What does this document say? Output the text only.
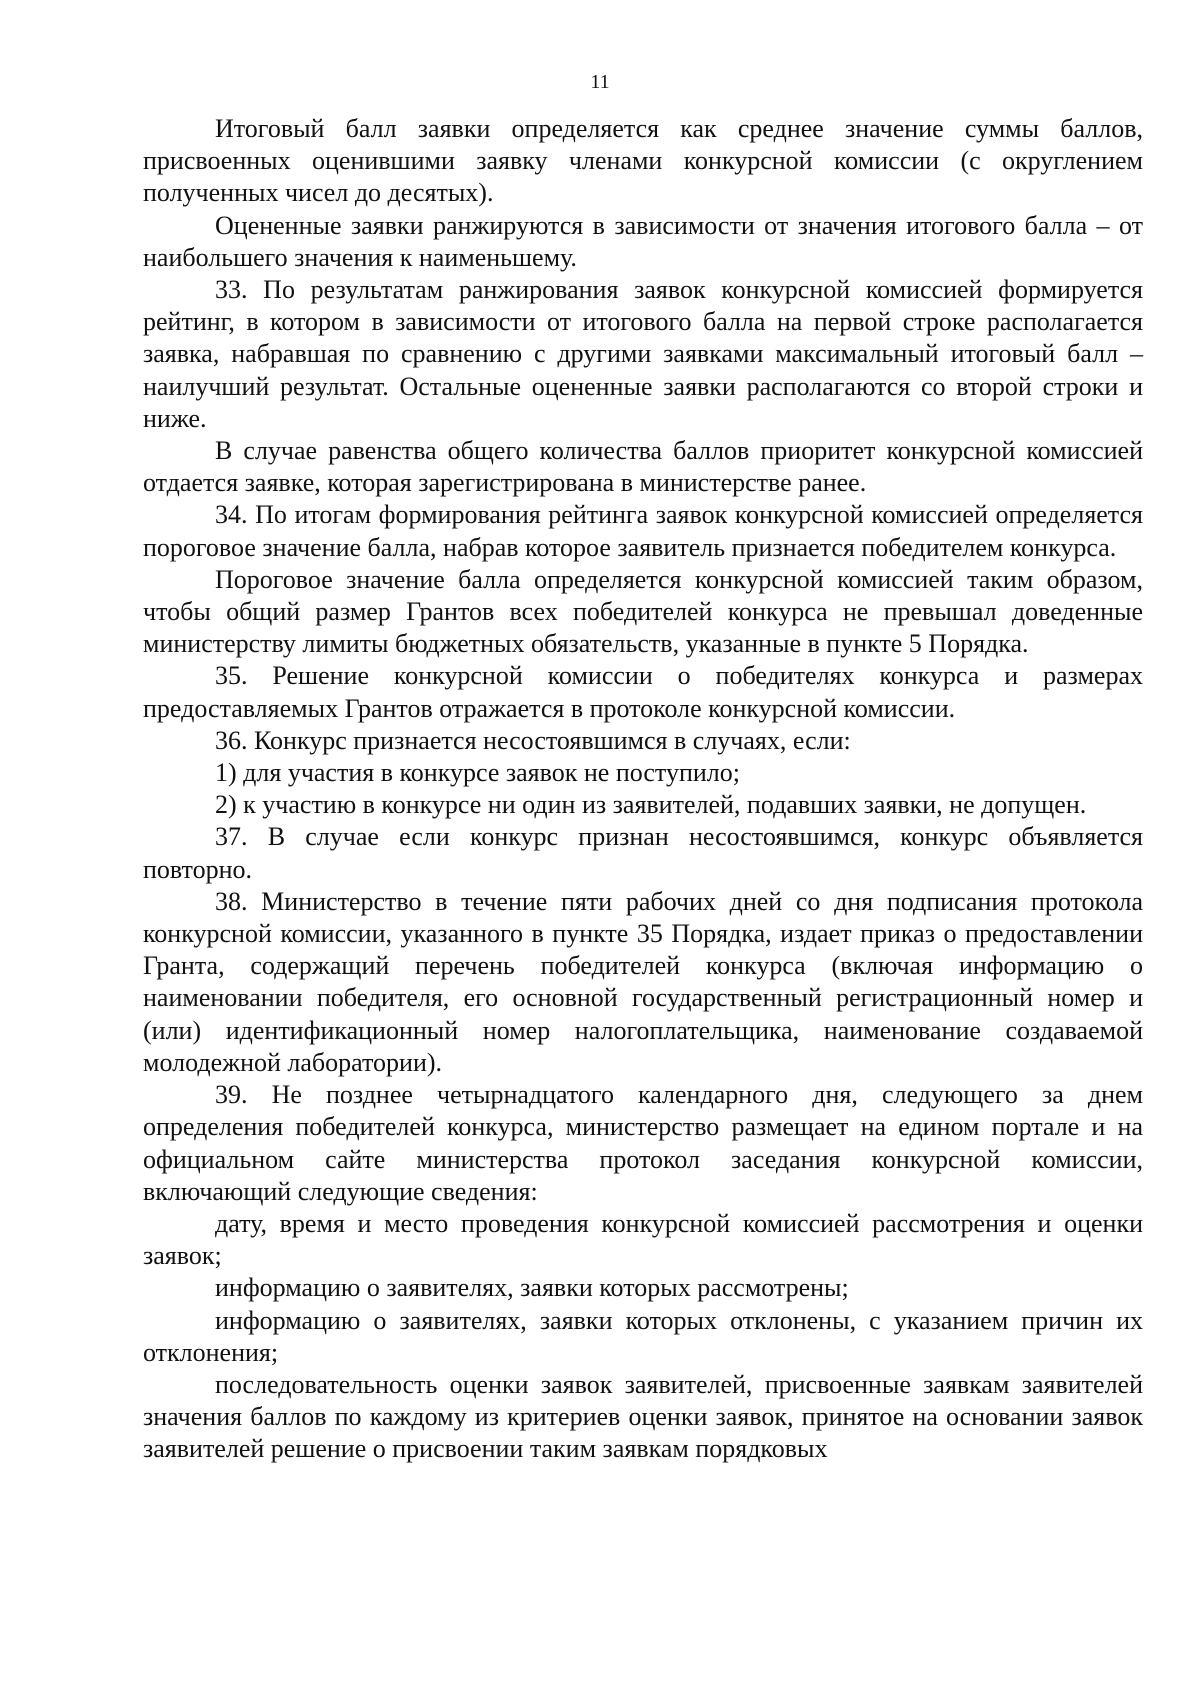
11

Итоговый балл заявки определяется как среднее значение суммы баллов, присвоенных оценившими заявку членами конкурсной комиссии (с округлением полученных чисел до десятых).

Оцененные заявки ранжируются в зависимости от значения итогового балла – от наибольшего значения к наименьшему.

33. По результатам ранжирования заявок конкурсной комиссией формируется рейтинг, в котором в зависимости от итогового балла на первой строке располагается заявка, набравшая по сравнению с другими заявками максимальный итоговый балл – наилучший результат. Остальные оцененные заявки располагаются со второй строки и ниже.

В случае равенства общего количества баллов приоритет конкурсной комиссией отдается заявке, которая зарегистрирована в министерстве ранее.

34. По итогам формирования рейтинга заявок конкурсной комиссией определяется пороговое значение балла, набрав которое заявитель признается победителем конкурса.

Пороговое значение балла определяется конкурсной комиссией таким образом, чтобы общий размер Грантов всех победителей конкурса не превышал доведенные министерству лимиты бюджетных обязательств, указанные в пункте 5 Порядка.

35. Решение конкурсной комиссии о победителях конкурса и размерах предоставляемых Грантов отражается в протоколе конкурсной комиссии.

36. Конкурс признается несостоявшимся в случаях, если:

1) для участия в конкурсе заявок не поступило;

2) к участию в конкурсе ни один из заявителей, подавших заявки, не допущен.

37. В случае если конкурс признан несостоявшимся, конкурс объявляется повторно.

38. Министерство в течение пяти рабочих дней со дня подписания протокола конкурсной комиссии, указанного в пункте 35 Порядка, издает приказ о предоставлении Гранта, содержащий перечень победителей конкурса (включая информацию о наименовании победителя, его основной государственный регистрационный номер и (или) идентификационный номер налогоплательщика, наименование создаваемой молодежной лаборатории).

39. Не позднее четырнадцатого календарного дня, следующего за днем определения победителей конкурса, министерство размещает на едином портале и на официальном сайте министерства протокол заседания конкурсной комиссии, включающий следующие сведения:

дату, время и место проведения конкурсной комиссией рассмотрения и оценки заявок;

информацию о заявителях, заявки которых рассмотрены;

информацию о заявителях, заявки которых отклонены, с указанием причин их отклонения;

последовательность оценки заявок заявителей, присвоенные заявкам заявителей значения баллов по каждому из критериев оценки заявок, принятое на основании заявок заявителей решение о присвоении таким заявкам порядковых
